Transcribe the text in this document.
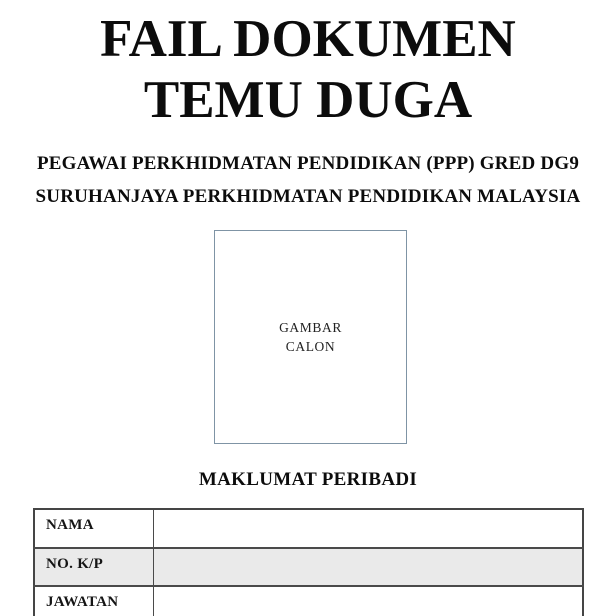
FAIL DOKUMEN
TEMU DUGA
PEGAWAI PERKHIDMATAN PENDIDIKAN (PPP) GRED DG9
SURUHANJAYA PERKHIDMATAN PENDIDIKAN MALAYSIA
GAMBAR
CALON
MAKLUMAT PERIBADI
NAMA	
NO. K/P	
JAWATAN	
